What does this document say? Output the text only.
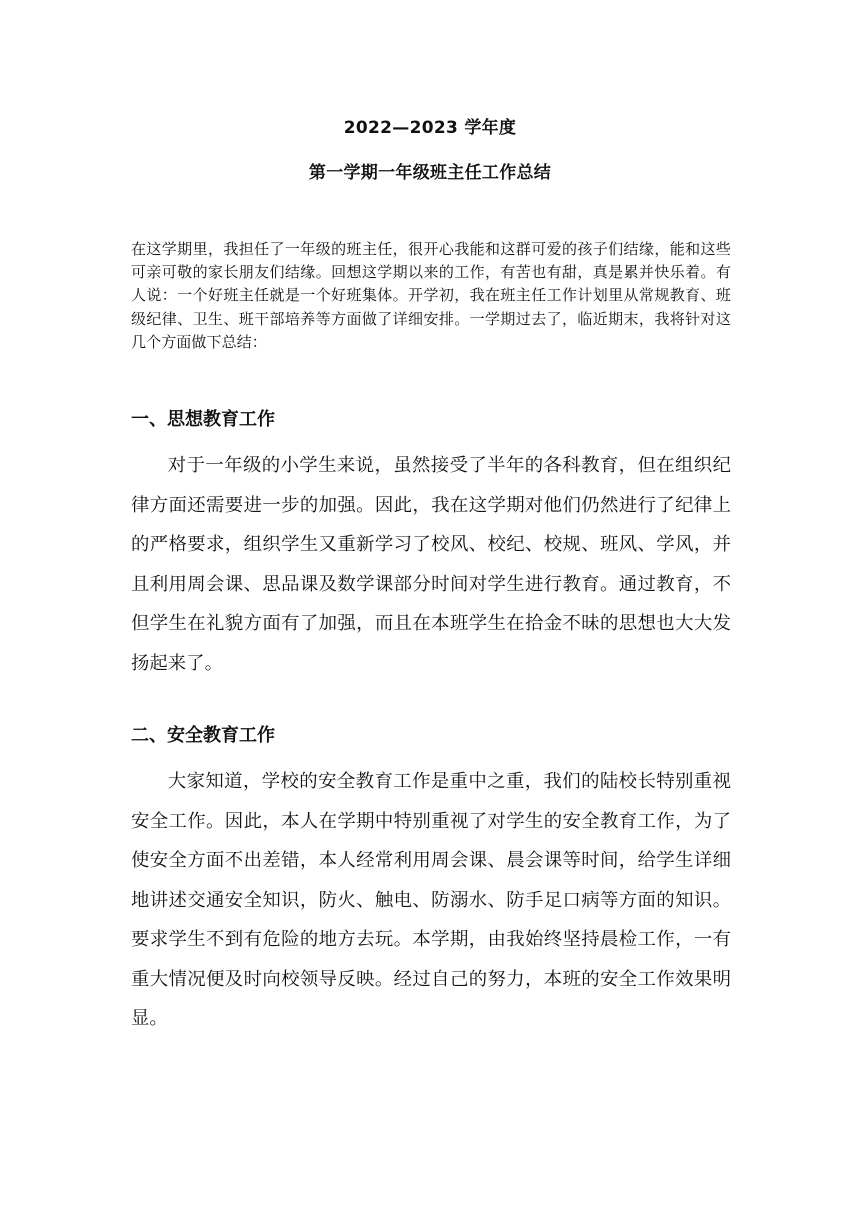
2022—2023 学年度
第一学期一年级班主任工作总结

在这学期里，我担任了一年级的班主任，很开心我能和这群可爱的孩子们结缘，能和这些可亲可敬的家长朋友们结缘。回想这学期以来的工作，有苦也有甜，真是累并快乐着。有人说：一个好班主任就是一个好班集体。开学初，我在班主任工作计划里从常规教育、班级纪律、卫生、班干部培养等方面做了详细安排。一学期过去了，临近期末，我将针对这几个方面做下总结：

一、思想教育工作

对于一年级的小学生来说，虽然接受了半年的各科教育，但在组织纪律方面还需要进一步的加强。因此，我在这学期对他们仍然进行了纪律上的严格要求，组织学生又重新学习了校风、校纪、校规、班风、学风，并且利用周会课、思品课及数学课部分时间对学生进行教育。通过教育，不但学生在礼貌方面有了加强，而且在本班学生在拾金不昧的思想也大大发扬起来了。

二、安全教育工作

大家知道，学校的安全教育工作是重中之重，我们的陆校长特别重视安全工作。因此，本人在学期中特别重视了对学生的安全教育工作，为了使安全方面不出差错，本人经常利用周会课、晨会课等时间，给学生详细地讲述交通安全知识，防火、触电、防溺水、防手足口病等方面的知识。要求学生不到有危险的地方去玩。本学期，由我始终坚持晨检工作，一有重大情况便及时向校领导反映。经过自己的努力，本班的安全工作效果明显。
